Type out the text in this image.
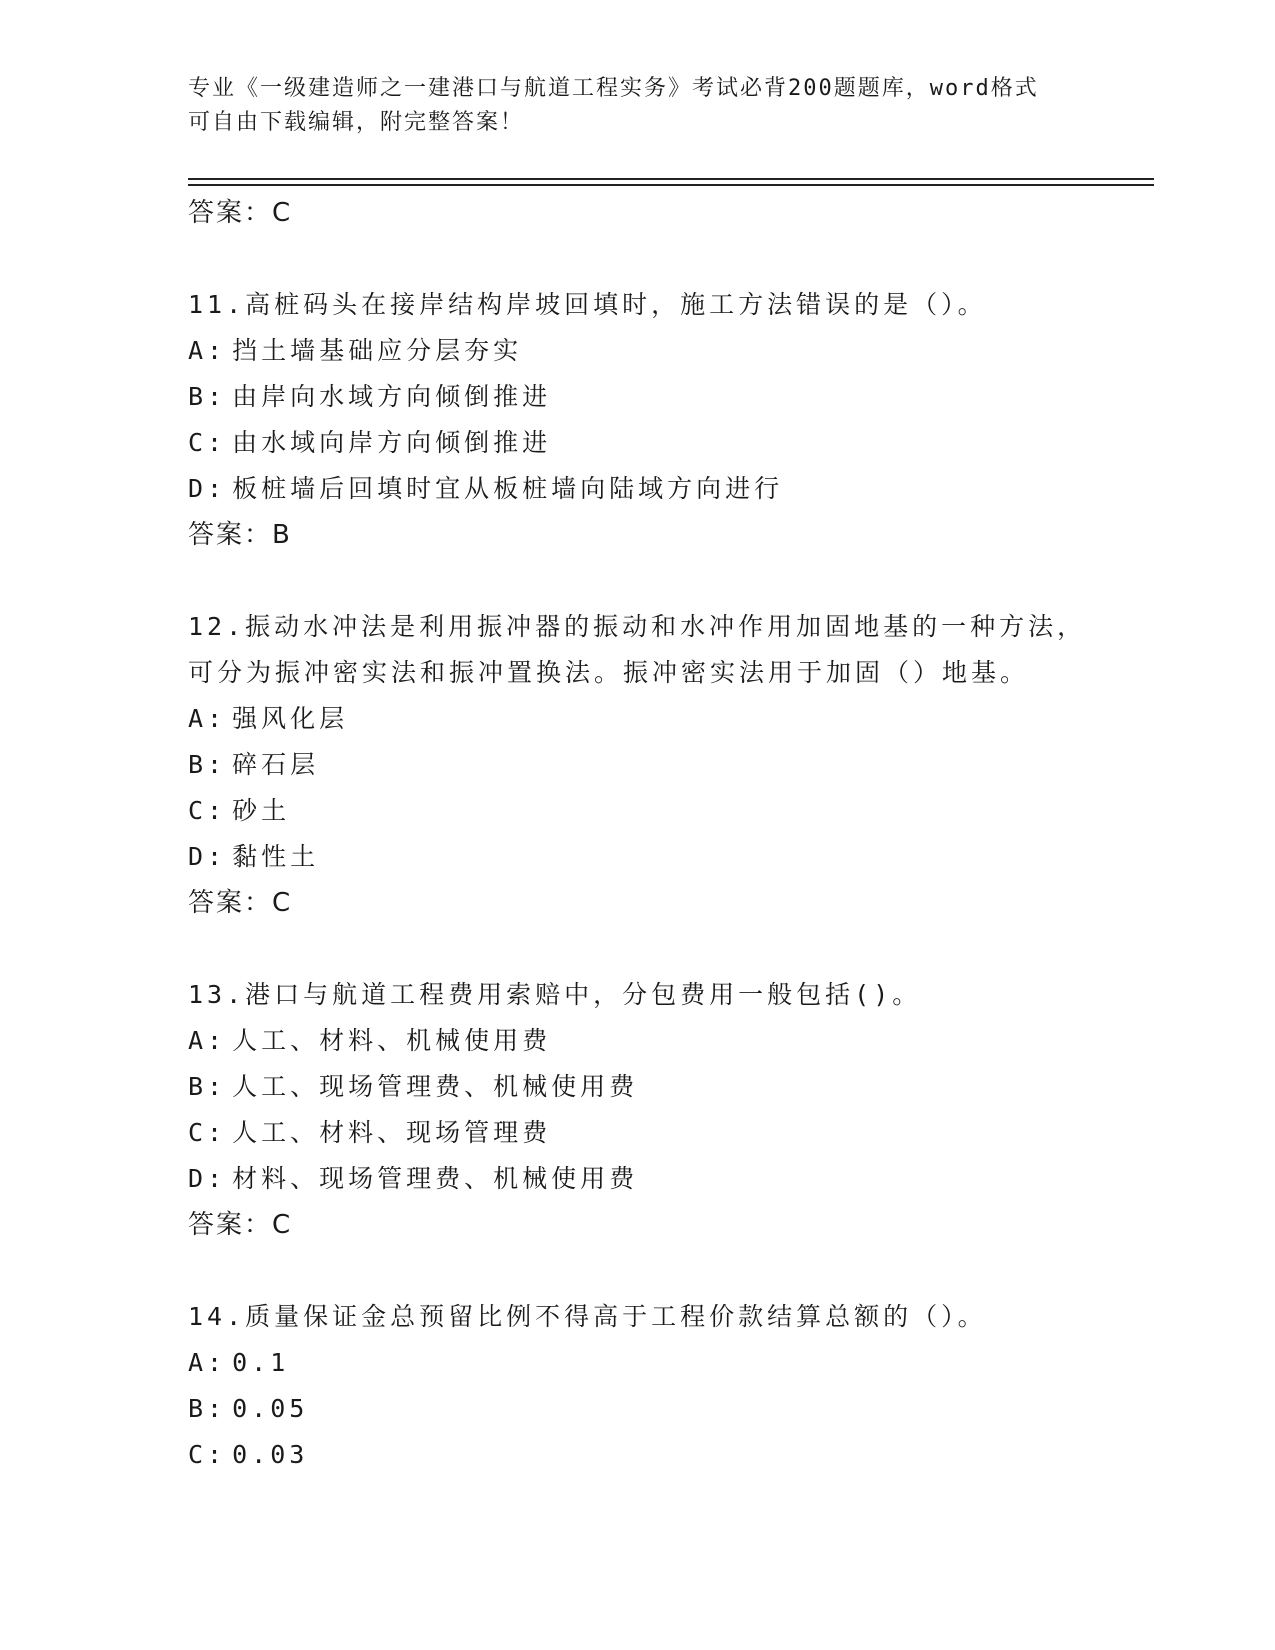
专业《一级建造师之一建港口与航道工程实务》考试必背200题题库，word格式
可自由下载编辑，附完整答案！
答案：C
11.高桩码头在接岸结构岸坡回填时，施工方法错误的是（）。
A: 挡土墙基础应分层夯实
B: 由岸向水域方向倾倒推进
C: 由水域向岸方向倾倒推进
D: 板桩墙后回填时宜从板桩墙向陆域方向进行
答案：B
12.振动水冲法是利用振冲器的振动和水冲作用加固地基的一种方法，
可分为振冲密实法和振冲置换法。振冲密实法用于加固（）地基。
A: 强风化层
B: 碎石层
C: 砂土
D: 黏性土
答案：C
13.港口与航道工程费用索赔中，分包费用一般包括()。
A: 人工、材料、机械使用费
B: 人工、现场管理费、机械使用费
C: 人工、材料、现场管理费
D: 材料、现场管理费、机械使用费
答案：C
14.质量保证金总预留比例不得高于工程价款结算总额的（）。
A: 0.1
B: 0.05
C: 0.03
